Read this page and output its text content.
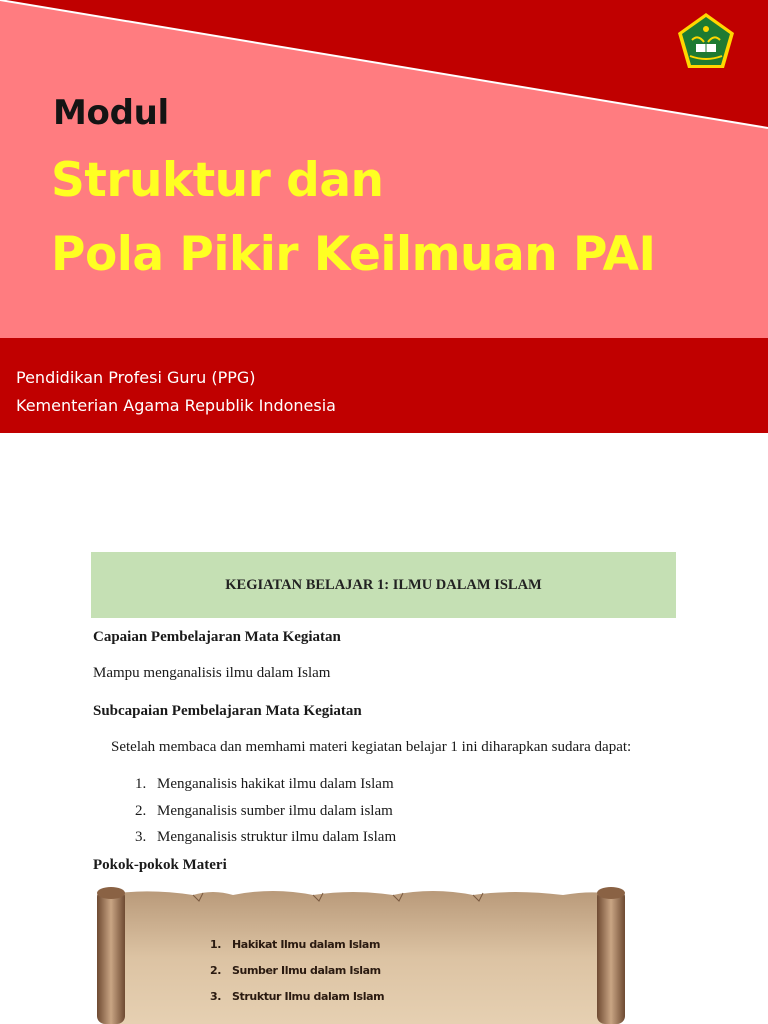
Modul
Struktur dan
Pola Pikir Keilmuan PAI
Pendidikan Profesi Guru (PPG)
Kementerian Agama Republik Indonesia
KEGIATAN BELAJAR 1: ILMU DALAM ISLAM
Capaian Pembelajaran Mata Kegiatan
Mampu menganalisis ilmu dalam Islam
Subcapaian Pembelajaran Mata Kegiatan
Setelah membaca dan memhami materi kegiatan belajar 1 ini diharapkan sudara dapat:
1. Menganalisis hakikat ilmu dalam Islam
2. Menganalisis sumber ilmu dalam islam
3. Menganalisis struktur ilmu dalam Islam
Pokok-pokok Materi
1. Hakikat Ilmu dalam Islam
2. Sumber Ilmu dalam Islam
3. Struktur Ilmu dalam Islam
